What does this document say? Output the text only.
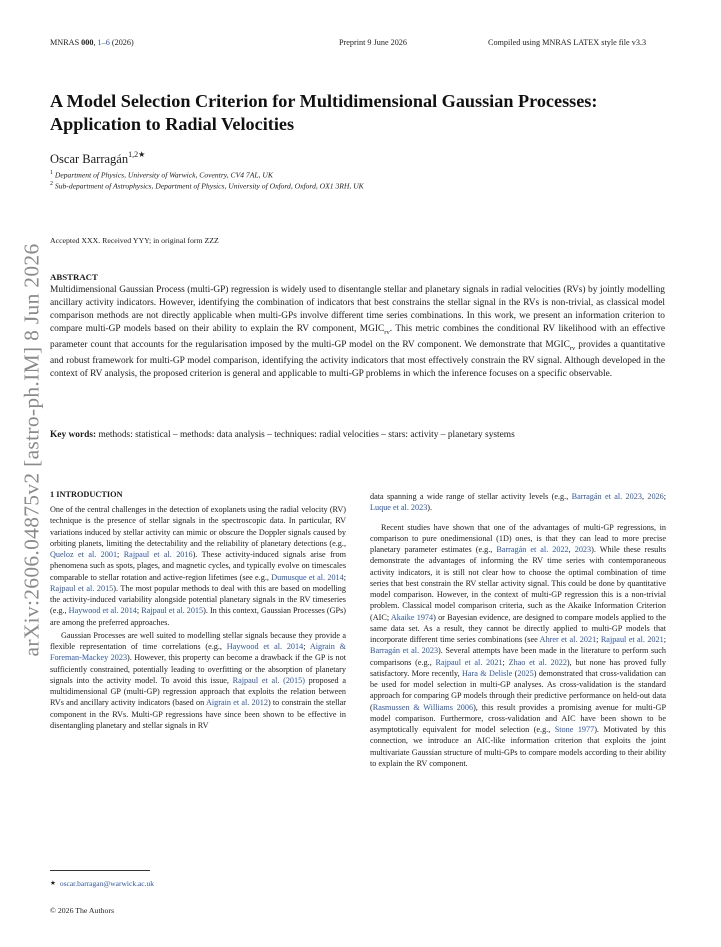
MNRAS 000, 1–6 (2026)	Preprint 9 June 2026	Compiled using MNRAS LATEX style file v3.3
A Model Selection Criterion for Multidimensional Gaussian Processes: Application to Radial Velocities
Oscar Barragán$^{1,2★}$
$^1$ Department of Physics, University of Warwick, Coventry, CV4 7AL, UK
$^2$ Sub-department of Astrophysics, Department of Physics, University of Oxford, Oxford, OX1 3RH, UK
arXiv:2606.04875v2 [astro-ph.IM] 8 Jun 2026
Accepted XXX. Received YYY; in original form ZZZ
ABSTRACT
Multidimensional Gaussian Process (multi-GP) regression is widely used to disentangle stellar and planetary signals in radial velocities (RVs) by jointly modelling ancillary activity indicators. However, identifying the combination of indicators that best constrains the stellar signal in the RVs is non-trivial, as classical model comparison methods are not directly applicable when multi-GPs involve different time series combinations. In this work, we present an information criterion to compare multi-GP models based on their ability to explain the RV component, $MGIC_{rv}$. This metric combines the conditional RV likelihood with an effective parameter count that accounts for the regularisation imposed by the multi-GP model on the RV component. We demonstrate that $MGIC_{rv}$ provides a quantitative and robust framework for multi-GP model comparison, identifying the activity indicators that most effectively constrain the RV signal. Although developed in the context of RV analysis, the proposed criterion is general and applicable to multi-GP problems in which the inference focuses on a specific observable.
Key words: methods: statistical – methods: data analysis – techniques: radial velocities – stars: activity – planetary systems
1 INTRODUCTION

One of the central challenges in the detection of exoplanets using the radial velocity (RV) technique is the presence of stellar signals in the spectroscopic data. In particular, RV variations induced by stellar activity can mimic or obscure the Doppler signals caused by orbiting planets, limiting the detectability and the reliability of planetary detections (e.g., Queloz et al. 2001; Rajpaul et al. 2016). These activity-induced signals arise from phenomena such as spots, plages, and magnetic cycles, and typically evolve on timescales comparable to stellar rotation and active-region lifetimes (see e.g., Dumusque et al. 2014; Rajpaul et al. 2015). The most popular methods to deal with this are based on modelling the activity-induced variability alongside potential planetary signals in the RV timeseries (e.g., Haywood et al. 2014; Rajpaul et al. 2015). In this context, Gaussian Processes (GPs) are among the preferred approaches.

Gaussian Processes are well suited to modelling stellar signals because they provide a flexible representation of time correlations (e.g., Haywood et al. 2014; Aigrain & Foreman-Mackey 2023). However, this property can become a drawback if the GP is not sufficiently constrained, potentially leading to overfitting or the absorption of planetary signals into the activity model. To avoid this issue, Rajpaul et al. (2015) proposed a multidimensional GP (multi-GP) regression approach that exploits the relation between RVs and ancillary activity indicators (based on Aigrain et al. 2012) to constrain the stellar component in the RVs. Multi-GP regressions have since been shown to be effective in disentangling planetary and stellar signals in RV

data spanning a wide range of stellar activity levels (e.g., Barragán et al. 2023, 2026; Luque et al. 2023).

Recent studies have shown that one of the advantages of multi-GP regressions, in comparison to pure onedimensional (1D) ones, is that they can lead to more precise planetary parameter estimates (e.g., Barragán et al. 2022, 2023). While these results demonstrate the advantages of informing the RV time series with contemporaneous activity indicators, it is still not clear how to choose the optimal combination of time series that best constrain the RV stellar activity signal. This could be done by quantitative model comparison. However, in the context of multi-GP regression this is a non-trivial problem. Classical model comparison criteria, such as the Akaike Information Criterion (AIC; Akaike 1974) or Bayesian evidence, are designed to compare models applied to the same data set. As a result, they cannot be directly applied to multi-GP models that incorporate different time series combinations (see Ahrer et al. 2021; Rajpaul et al. 2021; Barragán et al. 2023). Several attempts have been made in the literature to perform such comparisons (e.g., Rajpaul et al. 2021; Zhao et al. 2022), but none has proved fully satisfactory. More recently, Hara & Delisle (2025) demonstrated that cross-validation can be used for model selection in multi-GP analyses. As cross-validation is the standard approach for comparing GP models through their predictive performance on held-out data (Rasmussen & Williams 2006), this result provides a promising avenue for multi-GP model comparison. Furthermore, cross-validation and AIC have been shown to be asymptotically equivalent for model selection (e.g., Stone 1977). Motivated by this connection, we introduce an AIC-like information criterion that exploits the joint multivariate Gaussian structure of multi-GPs to compare models according to their ability to explain the RV component.

★ oscar.barragan@warwick.ac.uk
© 2026 The Authors
